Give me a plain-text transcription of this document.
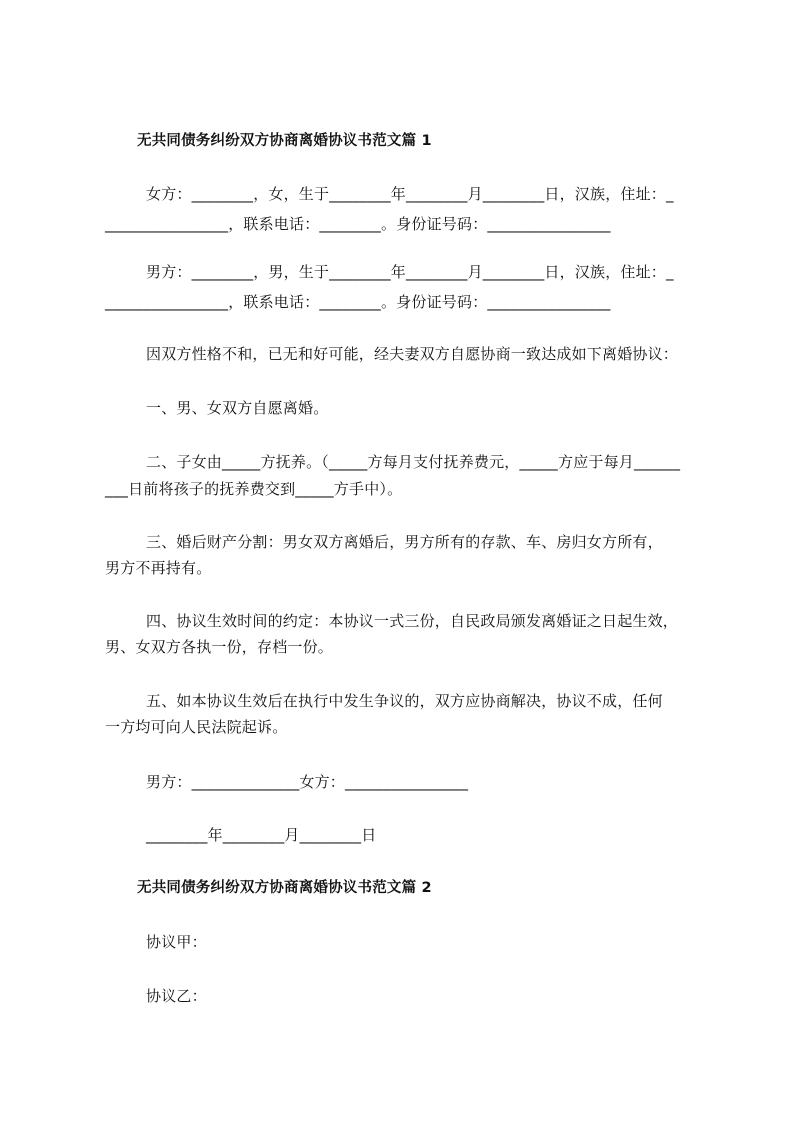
无共同债务纠纷双方协商离婚协议书范文篇 1
女方：________，女，生于________年________月________日，汉族，住址：_
________________，联系电话：________。身份证号码：________________
男方：________，男，生于________年________月________日，汉族，住址：_
________________，联系电话：________。身份证号码：________________
因双方性格不和，已无和好可能，经夫妻双方自愿协商一致达成如下离婚协议：
一、男、女双方自愿离婚。
二、子女由_____方抚养。（_____方每月支付抚养费元，_____方应于每月______
___日前将孩子的抚养费交到_____方手中）。
三、婚后财产分割：男女双方离婚后，男方所有的存款、车、房归女方所有，
男方不再持有。
四、协议生效时间的约定：本协议一式三份，自民政局颁发离婚证之日起生效，
男、女双方各执一份，存档一份。
五、如本协议生效后在执行中发生争议的，双方应协商解决，协议不成，任何
一方均可向人民法院起诉。
男方：______________女方：________________
________年________月________日
无共同债务纠纷双方协商离婚协议书范文篇 2
协议甲：
协议乙：
